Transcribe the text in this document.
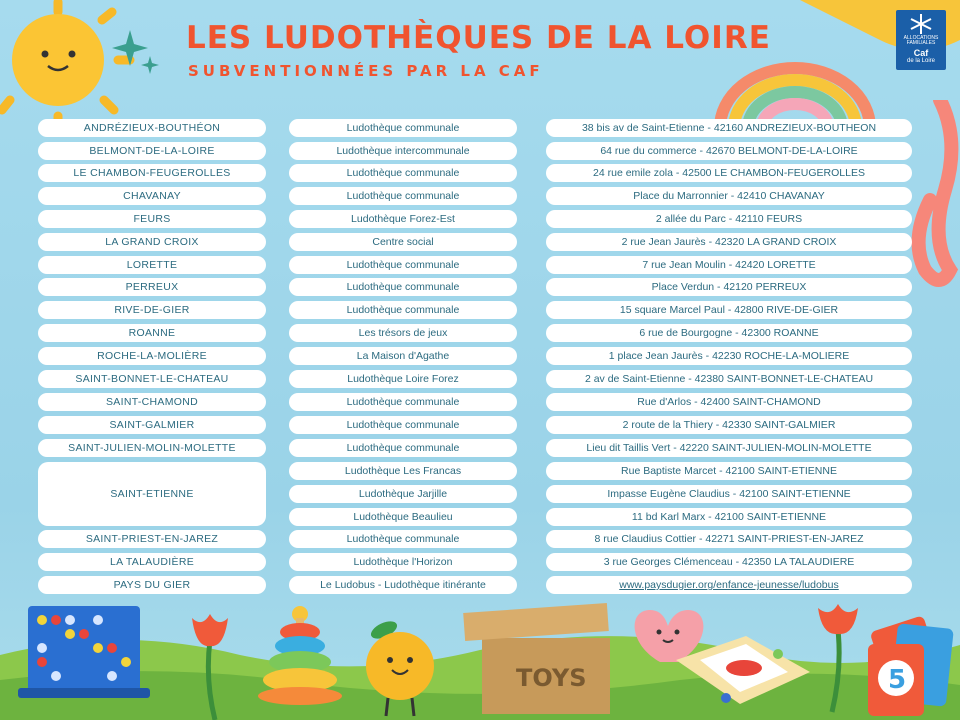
LES LUDOTHÈQUES DE LA LOIRE
SUBVENTIONNÉES PAR LA CAF
ALLOCATIONS FAMILIALES
Caf
de la Loire
ANDRÉZIEUX-BOUTHÉON	Ludothèque communale	38 bis av de Saint-Etienne - 42160 ANDREZIEUX-BOUTHEON
BELMONT-DE-LA-LOIRE	Ludothèque intercommunale	64 rue du commerce - 42670 BELMONT-DE-LA-LOIRE
LE CHAMBON-FEUGEROLLES	Ludothèque communale	24 rue emile zola - 42500 LE CHAMBON-FEUGEROLLES
CHAVANAY	Ludothèque communale	Place du Marronnier - 42410 CHAVANAY
FEURS	Ludothèque Forez-Est	2 allée du Parc - 42110 FEURS
LA GRAND CROIX	Centre social	2 rue Jean Jaurès - 42320 LA GRAND CROIX
LORETTE	Ludothèque communale	7 rue Jean Moulin - 42420 LORETTE
PERREUX	Ludothèque communale	Place Verdun - 42120 PERREUX
RIVE-DE-GIER	Ludothèque communale	15 square Marcel Paul - 42800 RIVE-DE-GIER
ROANNE	Les trésors de jeux	6 rue de Bourgogne - 42300 ROANNE
ROCHE-LA-MOLIÈRE	La Maison d'Agathe	1 place Jean Jaurès - 42230 ROCHE-LA-MOLIERE
SAINT-BONNET-LE-CHATEAU	Ludothèque Loire Forez	2 av de Saint-Etienne - 42380 SAINT-BONNET-LE-CHATEAU
SAINT-CHAMOND	Ludothèque communale	Rue d'Arlos - 42400 SAINT-CHAMOND
SAINT-GALMIER	Ludothèque communale	2 route de la Thiery - 42330 SAINT-GALMIER
SAINT-JULIEN-MOLIN-MOLETTE	Ludothèque communale	Lieu dit Taillis Vert - 42220 SAINT-JULIEN-MOLIN-MOLETTE
SAINT-ETIENNE
Ludothèque Les Francas	Rue Baptiste Marcet - 42100 SAINT-ETIENNE
Ludothèque Jarjille	Impasse Eugène Claudius - 42100 SAINT-ETIENNE
Ludothèque Beaulieu	11 bd Karl Marx - 42100 SAINT-ETIENNE
SAINT-PRIEST-EN-JAREZ	Ludothèque communale	8 rue Claudius Cottier - 42271 SAINT-PRIEST-EN-JAREZ
LA TALAUDIÈRE	Ludothèque l'Horizon	3 rue Georges Clémenceau - 42350 LA TALAUDIERE
PAYS DU GIER	Le Ludobus - Ludothèque itinérante	www.paysdugier.org/enfance-jeunesse/ludobus
TOYS	5
